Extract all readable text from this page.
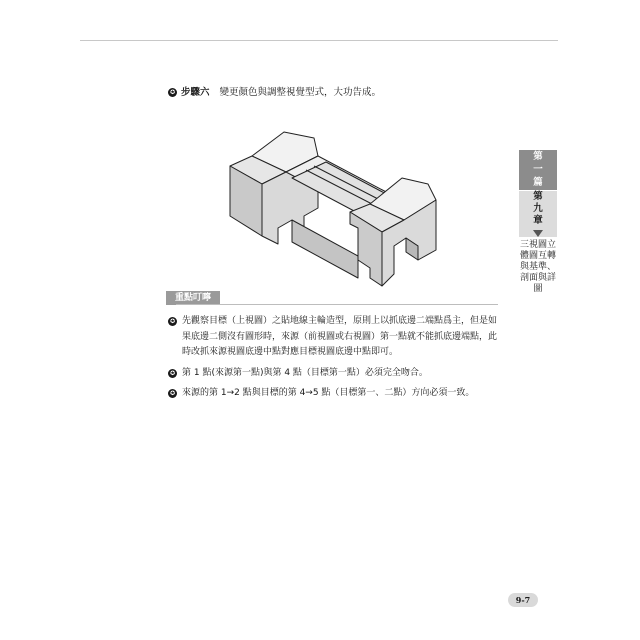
✪ 步驟六 變更顏色與調整視覺型式，大功告成。
重點叮嚀
✪ 先觀察目標（上視圖）之貼地線主輪造型，原則上以抓底邊二端點爲主，但是如果底邊二側沒有圖形時，來源（前視圖或右視圖）第一點就不能抓底邊端點，此時改抓來源視圖底邊中點對應目標視圖底邊中點即可。
✪ 第 1 點(來源第一點)與第 4 點（目標第一點）必須完全吻合。
✪ 來源的第 1→2 點與目標的第 4→5 點（目標第一、二點）方向必須一致。
第
一
篇
第
九
章
三視圖立體圖互轉與基準、剖面與詳圖
9-7
